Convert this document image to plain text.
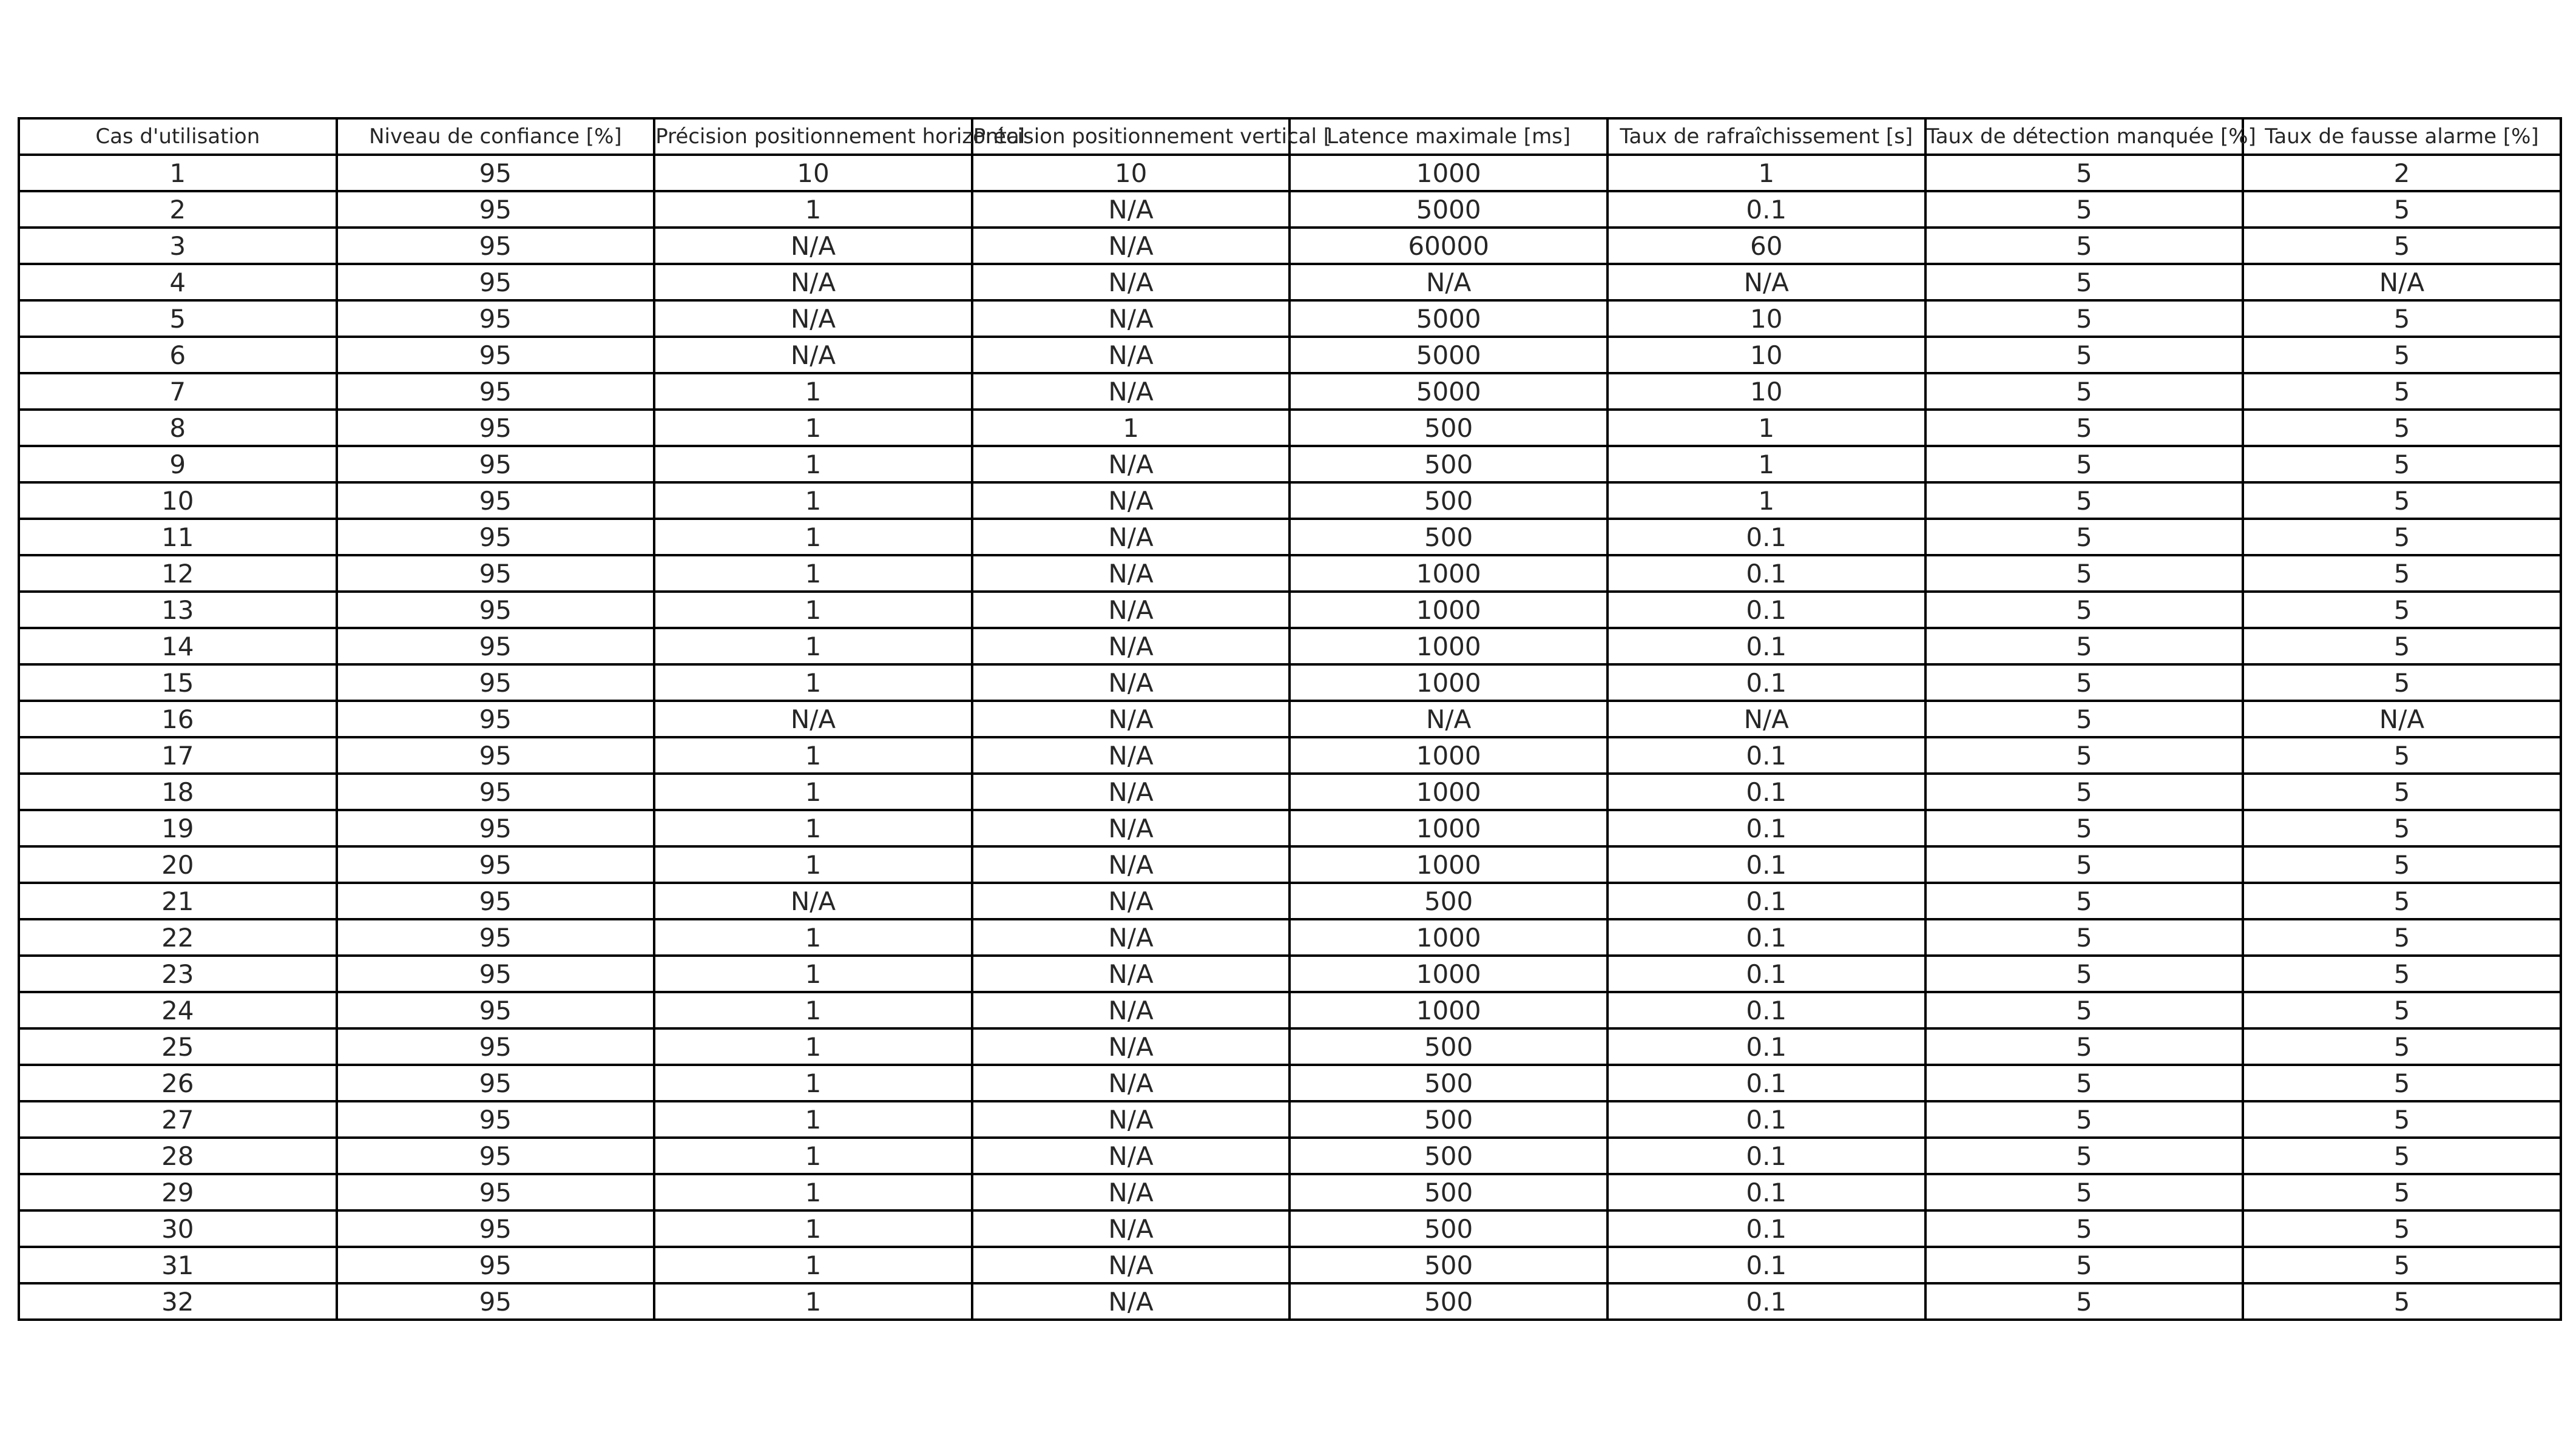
Cas d'utilisation	Niveau de confiance [%]	Précision positionnement horizontal	Précision positionnement vertical [	Latence maximale [ms]	Taux de rafraîchissement [s]	Taux de détection manquée [%]	Taux de fausse alarme [%]
1	95	10	10	1000	1	5	2
2	95	1	N/A	5000	0.1	5	5
3	95	N/A	N/A	60000	60	5	5
4	95	N/A	N/A	N/A	N/A	5	N/A
5	95	N/A	N/A	5000	10	5	5
6	95	N/A	N/A	5000	10	5	5
7	95	1	N/A	5000	10	5	5
8	95	1	1	500	1	5	5
9	95	1	N/A	500	1	5	5
10	95	1	N/A	500	1	5	5
11	95	1	N/A	500	0.1	5	5
12	95	1	N/A	1000	0.1	5	5
13	95	1	N/A	1000	0.1	5	5
14	95	1	N/A	1000	0.1	5	5
15	95	1	N/A	1000	0.1	5	5
16	95	N/A	N/A	N/A	N/A	5	N/A
17	95	1	N/A	1000	0.1	5	5
18	95	1	N/A	1000	0.1	5	5
19	95	1	N/A	1000	0.1	5	5
20	95	1	N/A	1000	0.1	5	5
21	95	N/A	N/A	500	0.1	5	5
22	95	1	N/A	1000	0.1	5	5
23	95	1	N/A	1000	0.1	5	5
24	95	1	N/A	1000	0.1	5	5
25	95	1	N/A	500	0.1	5	5
26	95	1	N/A	500	0.1	5	5
27	95	1	N/A	500	0.1	5	5
28	95	1	N/A	500	0.1	5	5
29	95	1	N/A	500	0.1	5	5
30	95	1	N/A	500	0.1	5	5
31	95	1	N/A	500	0.1	5	5
32	95	1	N/A	500	0.1	5	5
